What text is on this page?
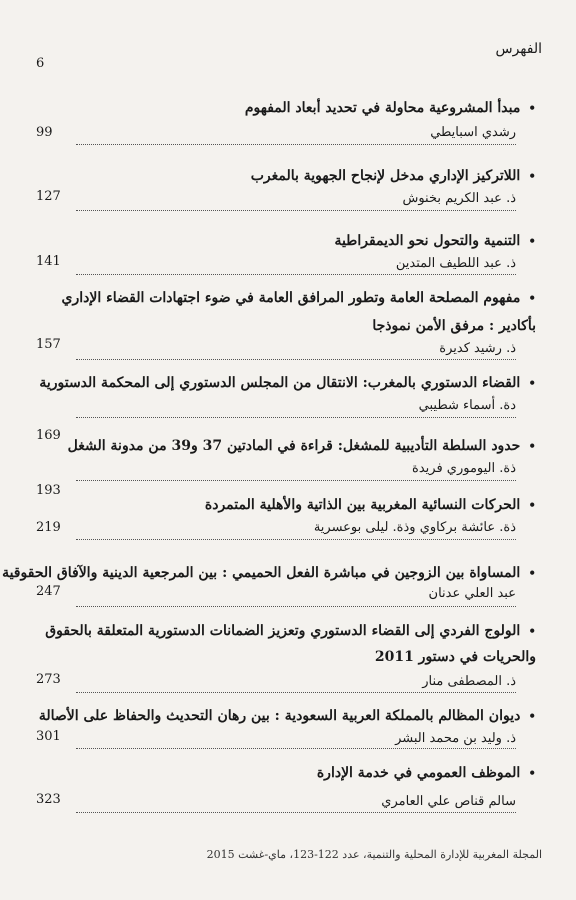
6
الفهرس
•مبدأ المشروعية محاولة في تحديد أبعاد المفهوم
رشدي اسبايطي
99
•اللاتركيز الإداري مدخل لإنجاح الجهوية بالمغرب
ذ. عبد الكريم بخنوش
127
•التنمية والتحول نحو الديمقراطية
ذ. عبد اللطيف المتدين
141
•مفهوم المصلحة العامة وتطور المرافق العامة في ضوء اجتهادات القضاء الإداري
بأكادير : مرفق الأمن نموذجا
ذ. رشيد كديرة
157
•القضاء الدستوري بالمغرب: الانتقال من المجلس الدستوري إلى المحكمة الدستورية
دة. أسماء شطيبي
169
•حدود السلطة التأديبية للمشغل: قراءة في المادتين 37 و39 من مدونة الشغل
ذة. اليوموري فريدة
193
•الحركات النسائية المغربية بين الذاتية والأهلية المتمردة
ذة. عائشة بركاوي وذة. ليلى بوعسرية
219
•المساواة بين الزوجين في مباشرة الفعل الحميمي : بين المرجعية الدينية والآفاق الحقوقية
عبد العلي عدنان
247
•الولوج الفردي إلى القضاء الدستوري وتعزيز الضمانات الدستورية المتعلقة بالحقوق
والحريات في دستور 2011
ذ. المصطفى منار
273
•ديوان المظالم بالمملكة العربية السعودية : بين رهان التحديث والحفاظ على الأصالة
ذ. وليد بن محمد البشر
301
•الموظف العمومي في خدمة الإدارة
سالم قناص علي العامري
323
المجلة المغربية للإدارة المحلية والتنمية، عدد 122-123، ماي-غشت 2015
